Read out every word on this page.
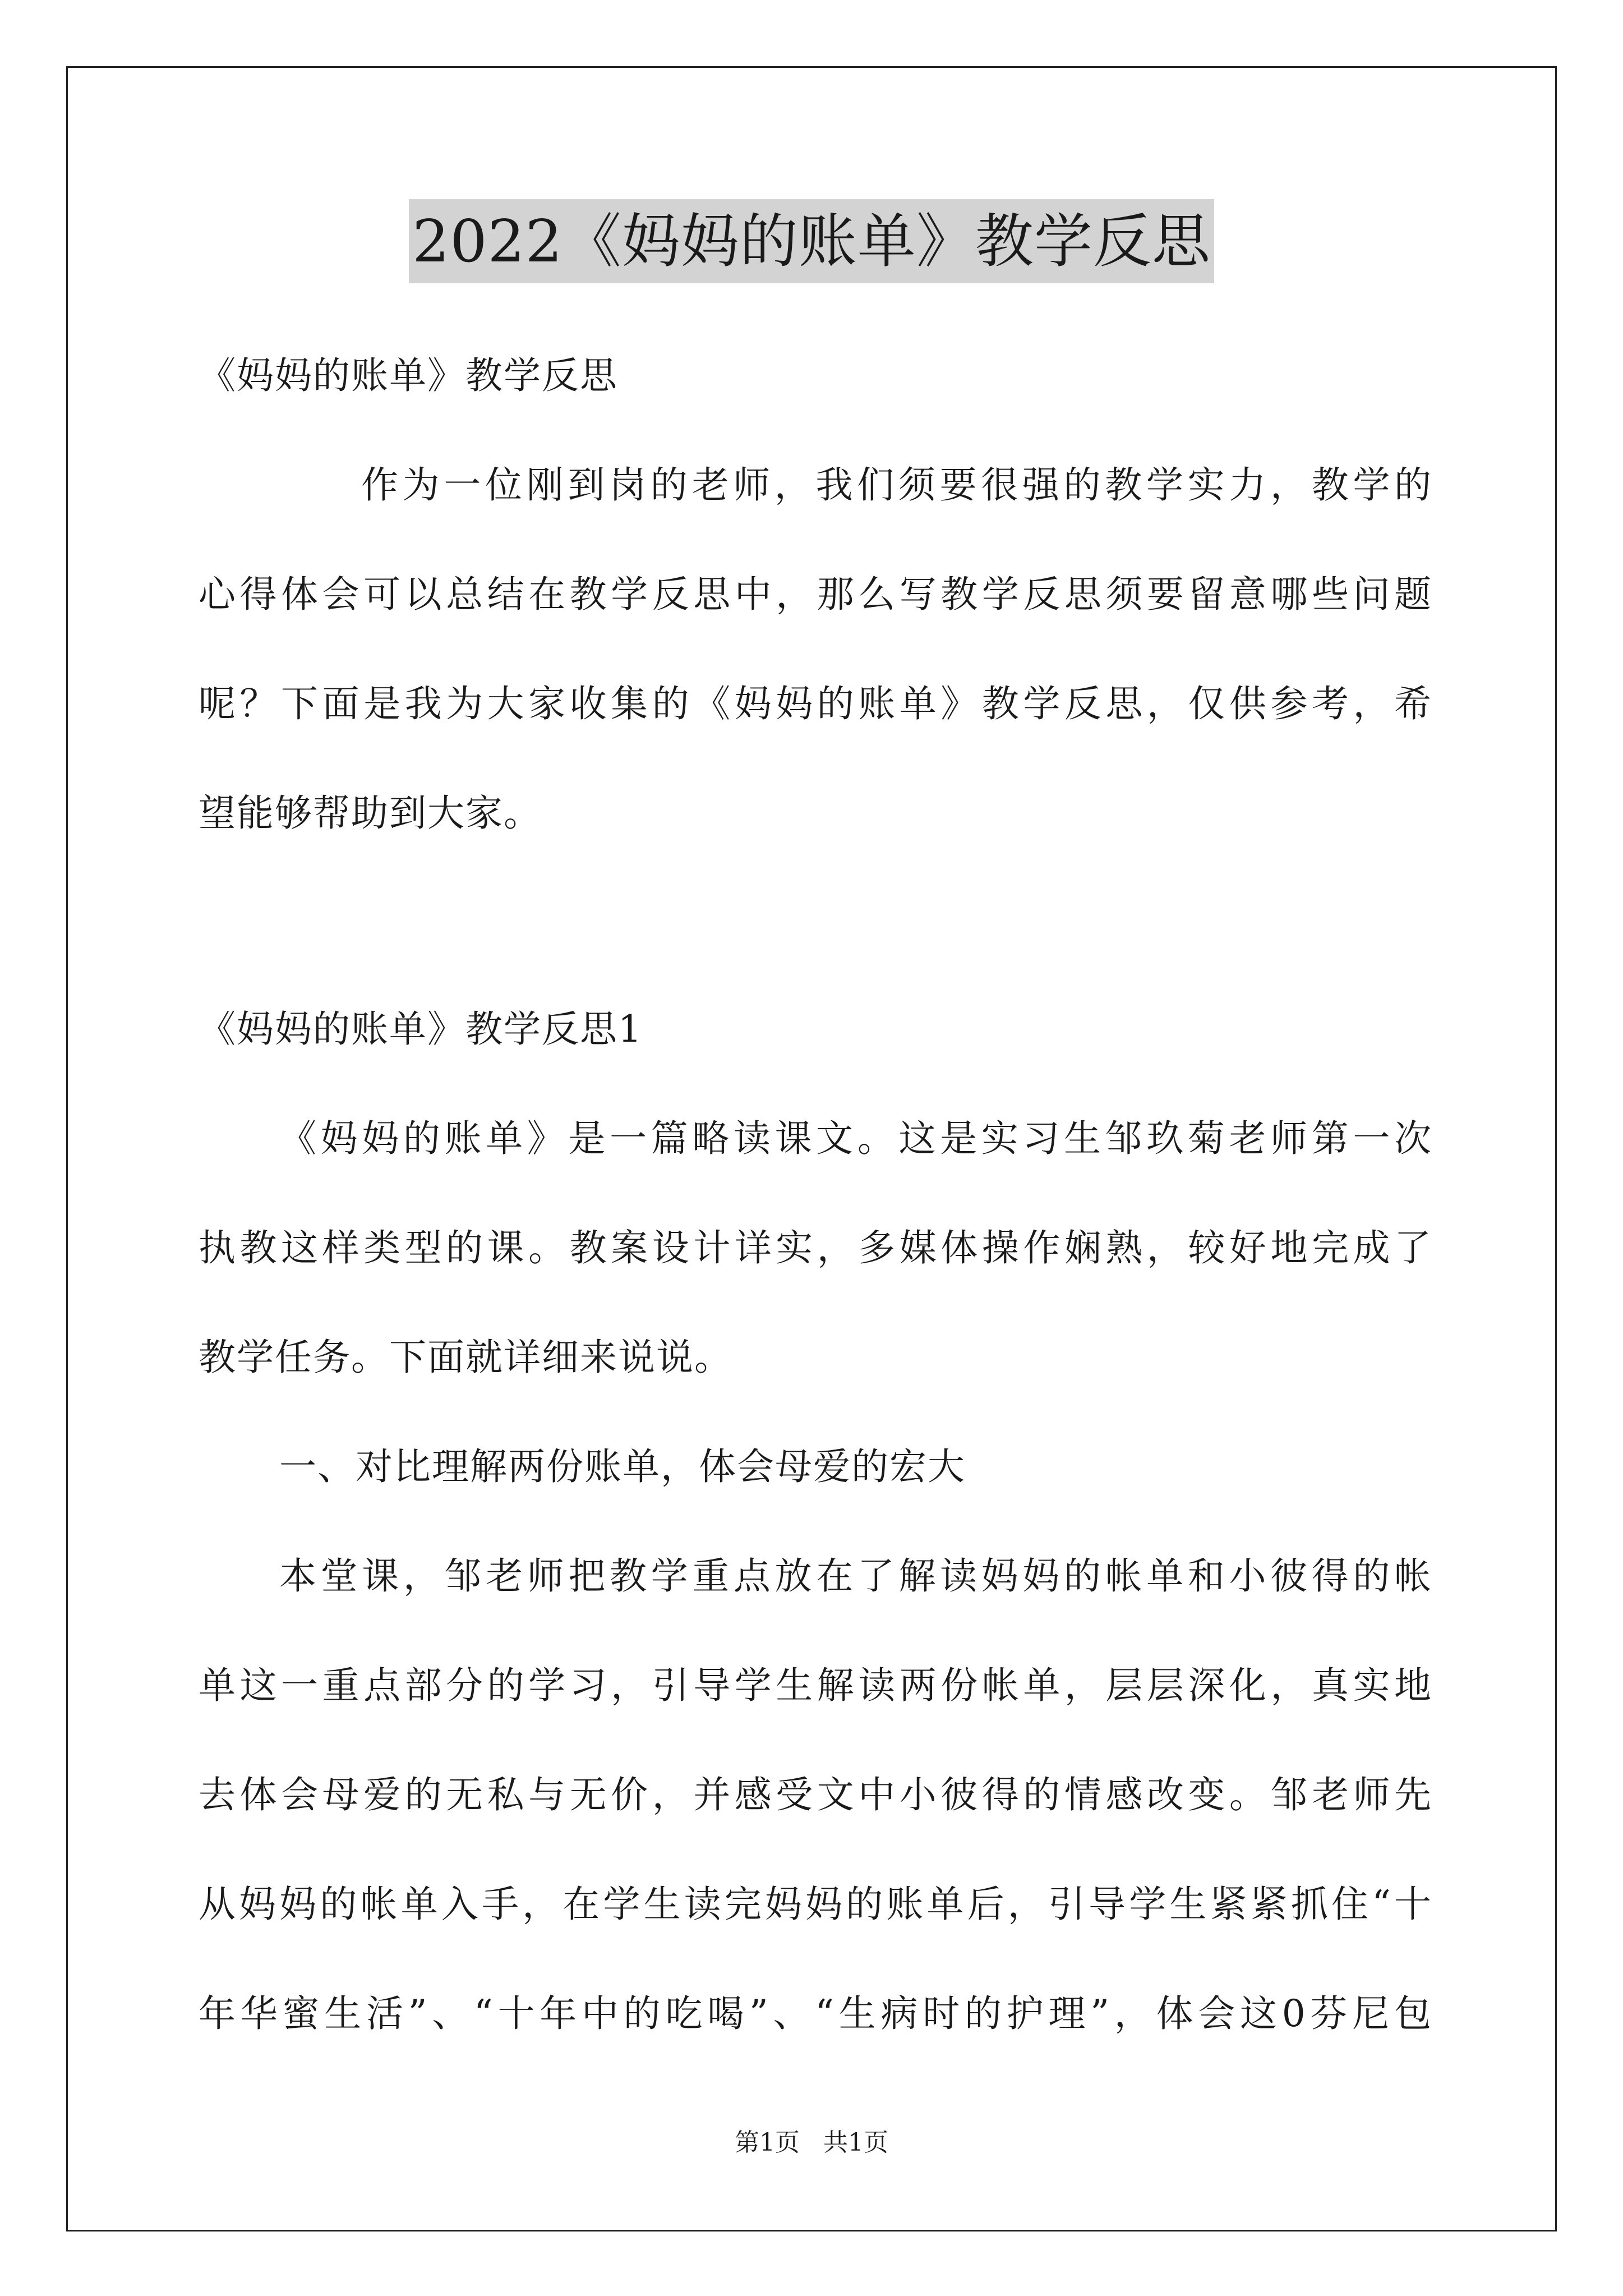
2022《妈妈的账单》教学反思
《妈妈的账单》教学反思
作为一位刚到岗的老师，我们须要很强的教学实力，教学的
心得体会可以总结在教学反思中，那么写教学反思须要留意哪些问题
呢？下面是我为大家收集的《妈妈的账单》教学反思，仅供参考，希
望能够帮助到大家。
《妈妈的账单》教学反思1
《妈妈的账单》是一篇略读课文。这是实习生邹玖菊老师第一次
执教这样类型的课。教案设计详实，多媒体操作娴熟，较好地完成了
教学任务。下面就详细来说说。
一、对比理解两份账单，体会母爱的宏大
本堂课，邹老师把教学重点放在了解读妈妈的帐单和小彼得的帐
单这一重点部分的学习，引导学生解读两份帐单，层层深化，真实地
去体会母爱的无私与无价，并感受文中小彼得的情感改变。邹老师先
从妈妈的帐单入手，在学生读完妈妈的账单后，引导学生紧紧抓住“十
年华蜜生活”、“十年中的吃喝”、“生病时的护理”，体会这0芬尼包
第1页 共1页
